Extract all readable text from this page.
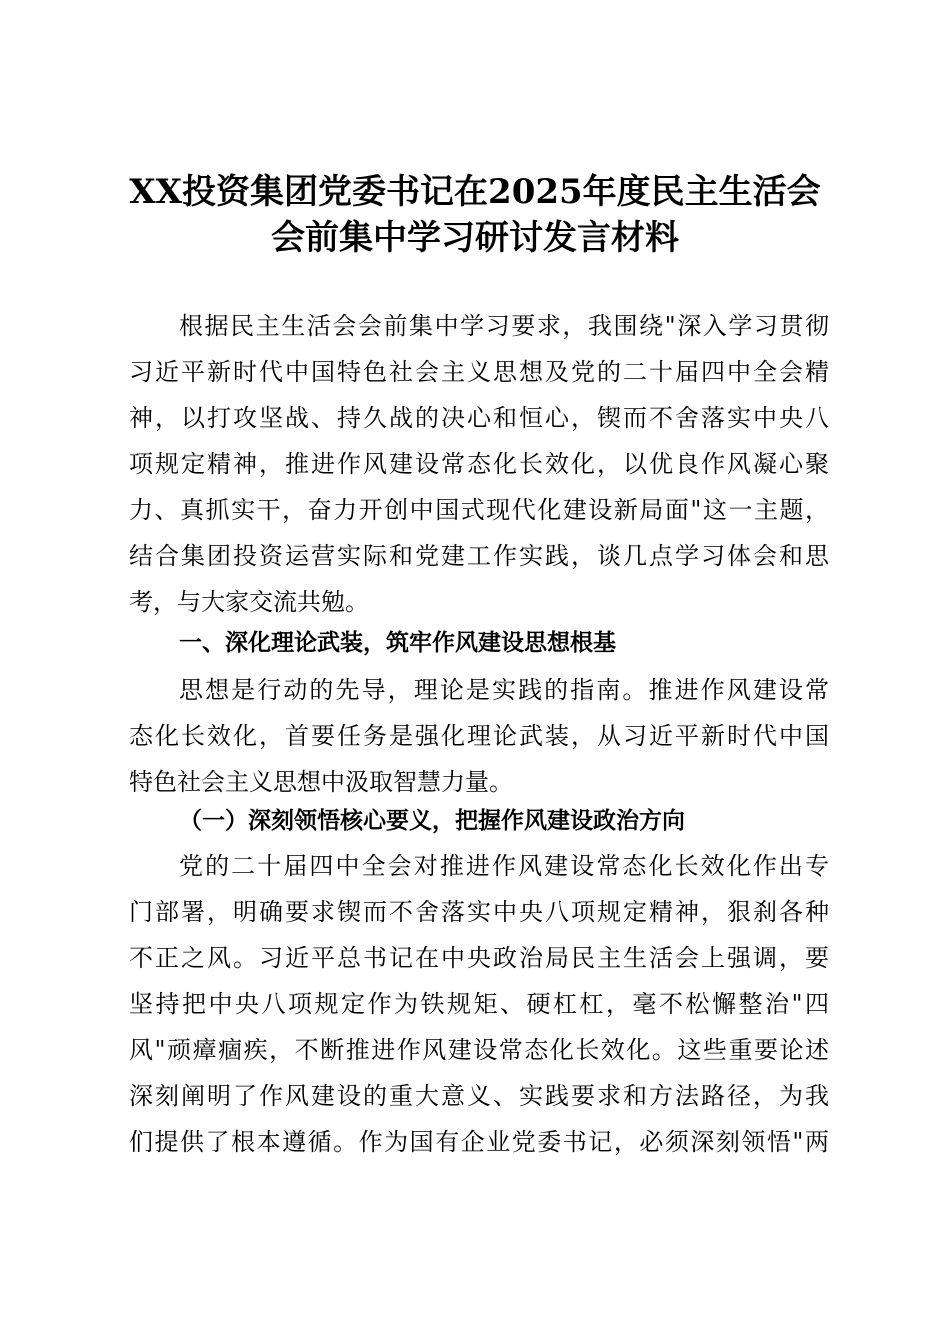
XX投资集团党委书记在2025年度民主生活会
会前集中学习研讨发言材料
根据民主生活会会前集中学习要求，我围绕"深入学习贯彻
习近平新时代中国特色社会主义思想及党的二十届四中全会精
神，以打攻坚战、持久战的决心和恒心，锲而不舍落实中央八
项规定精神，推进作风建设常态化长效化，以优良作风凝心聚
力、真抓实干，奋力开创中国式现代化建设新局面"这一主题，
结合集团投资运营实际和党建工作实践，谈几点学习体会和思
考，与大家交流共勉。
一、深化理论武装，筑牢作风建设思想根基
思想是行动的先导，理论是实践的指南。推进作风建设常
态化长效化，首要任务是强化理论武装，从习近平新时代中国
特色社会主义思想中汲取智慧力量。
（一）深刻领悟核心要义，把握作风建设政治方向
党的二十届四中全会对推进作风建设常态化长效化作出专
门部署，明确要求锲而不舍落实中央八项规定精神，狠刹各种
不正之风。习近平总书记在中央政治局民主生活会上强调，要
坚持把中央八项规定作为铁规矩、硬杠杠，毫不松懈整治"四
风"顽瘴痼疾，不断推进作风建设常态化长效化。这些重要论述
深刻阐明了作风建设的重大意义、实践要求和方法路径，为我
们提供了根本遵循。作为国有企业党委书记，必须深刻领悟"两
